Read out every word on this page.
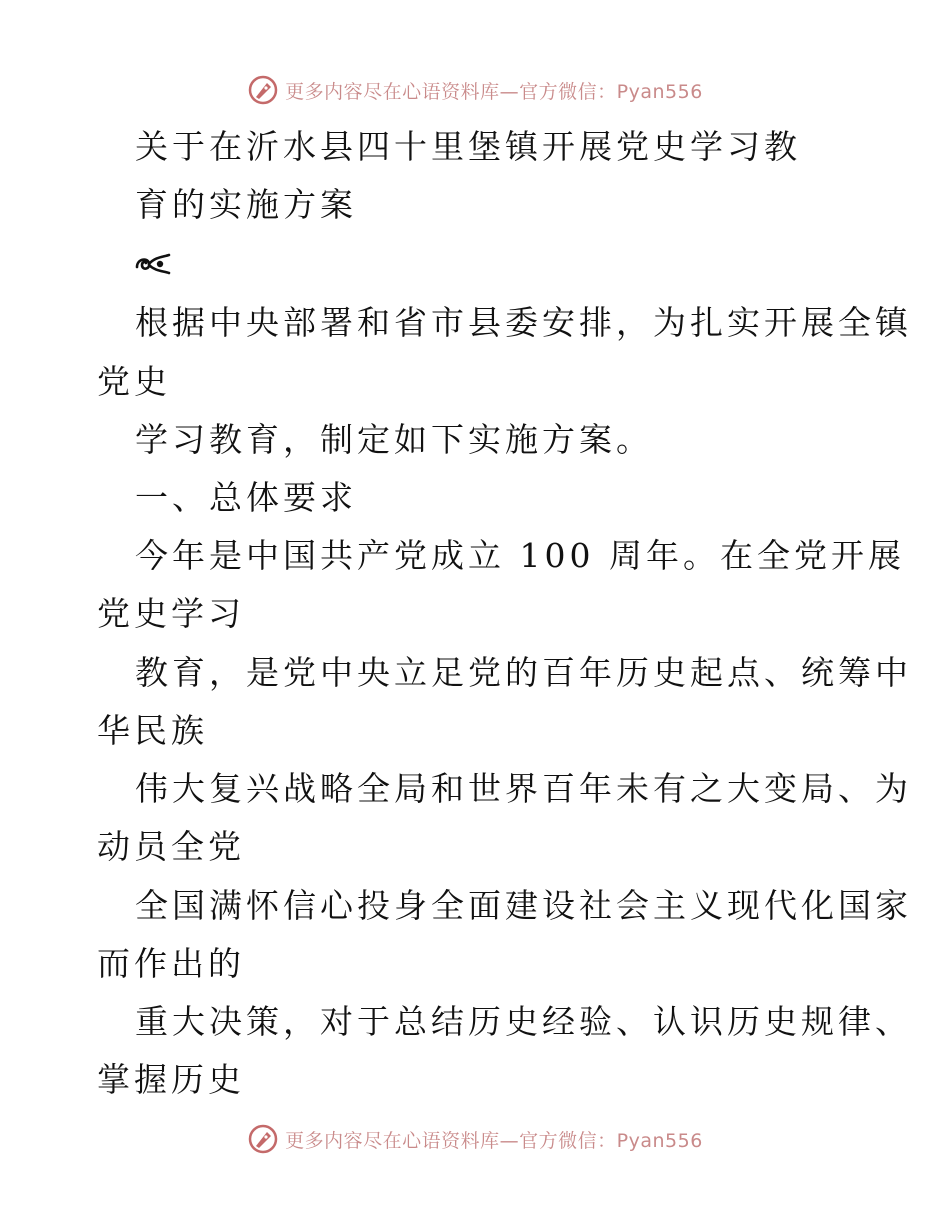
更多内容尽在心语资料库—官方微信：Pyan556
关于在沂水县四十里堡镇开展党史学习教
育的实施方案
根据中央部署和省市县委安排，为扎实开展全镇
党史
学习教育，制定如下实施方案。
一、总体要求
今年是中国共产党成立 100 周年。在全党开展
党史学习
教育，是党中央立足党的百年历史起点、统筹中
华民族
伟大复兴战略全局和世界百年未有之大变局、为
动员全党
全国满怀信心投身全面建设社会主义现代化国家
而作出的
重大决策，对于总结历史经验、认识历史规律、
掌握历史
更多内容尽在心语资料库—官方微信：Pyan556
